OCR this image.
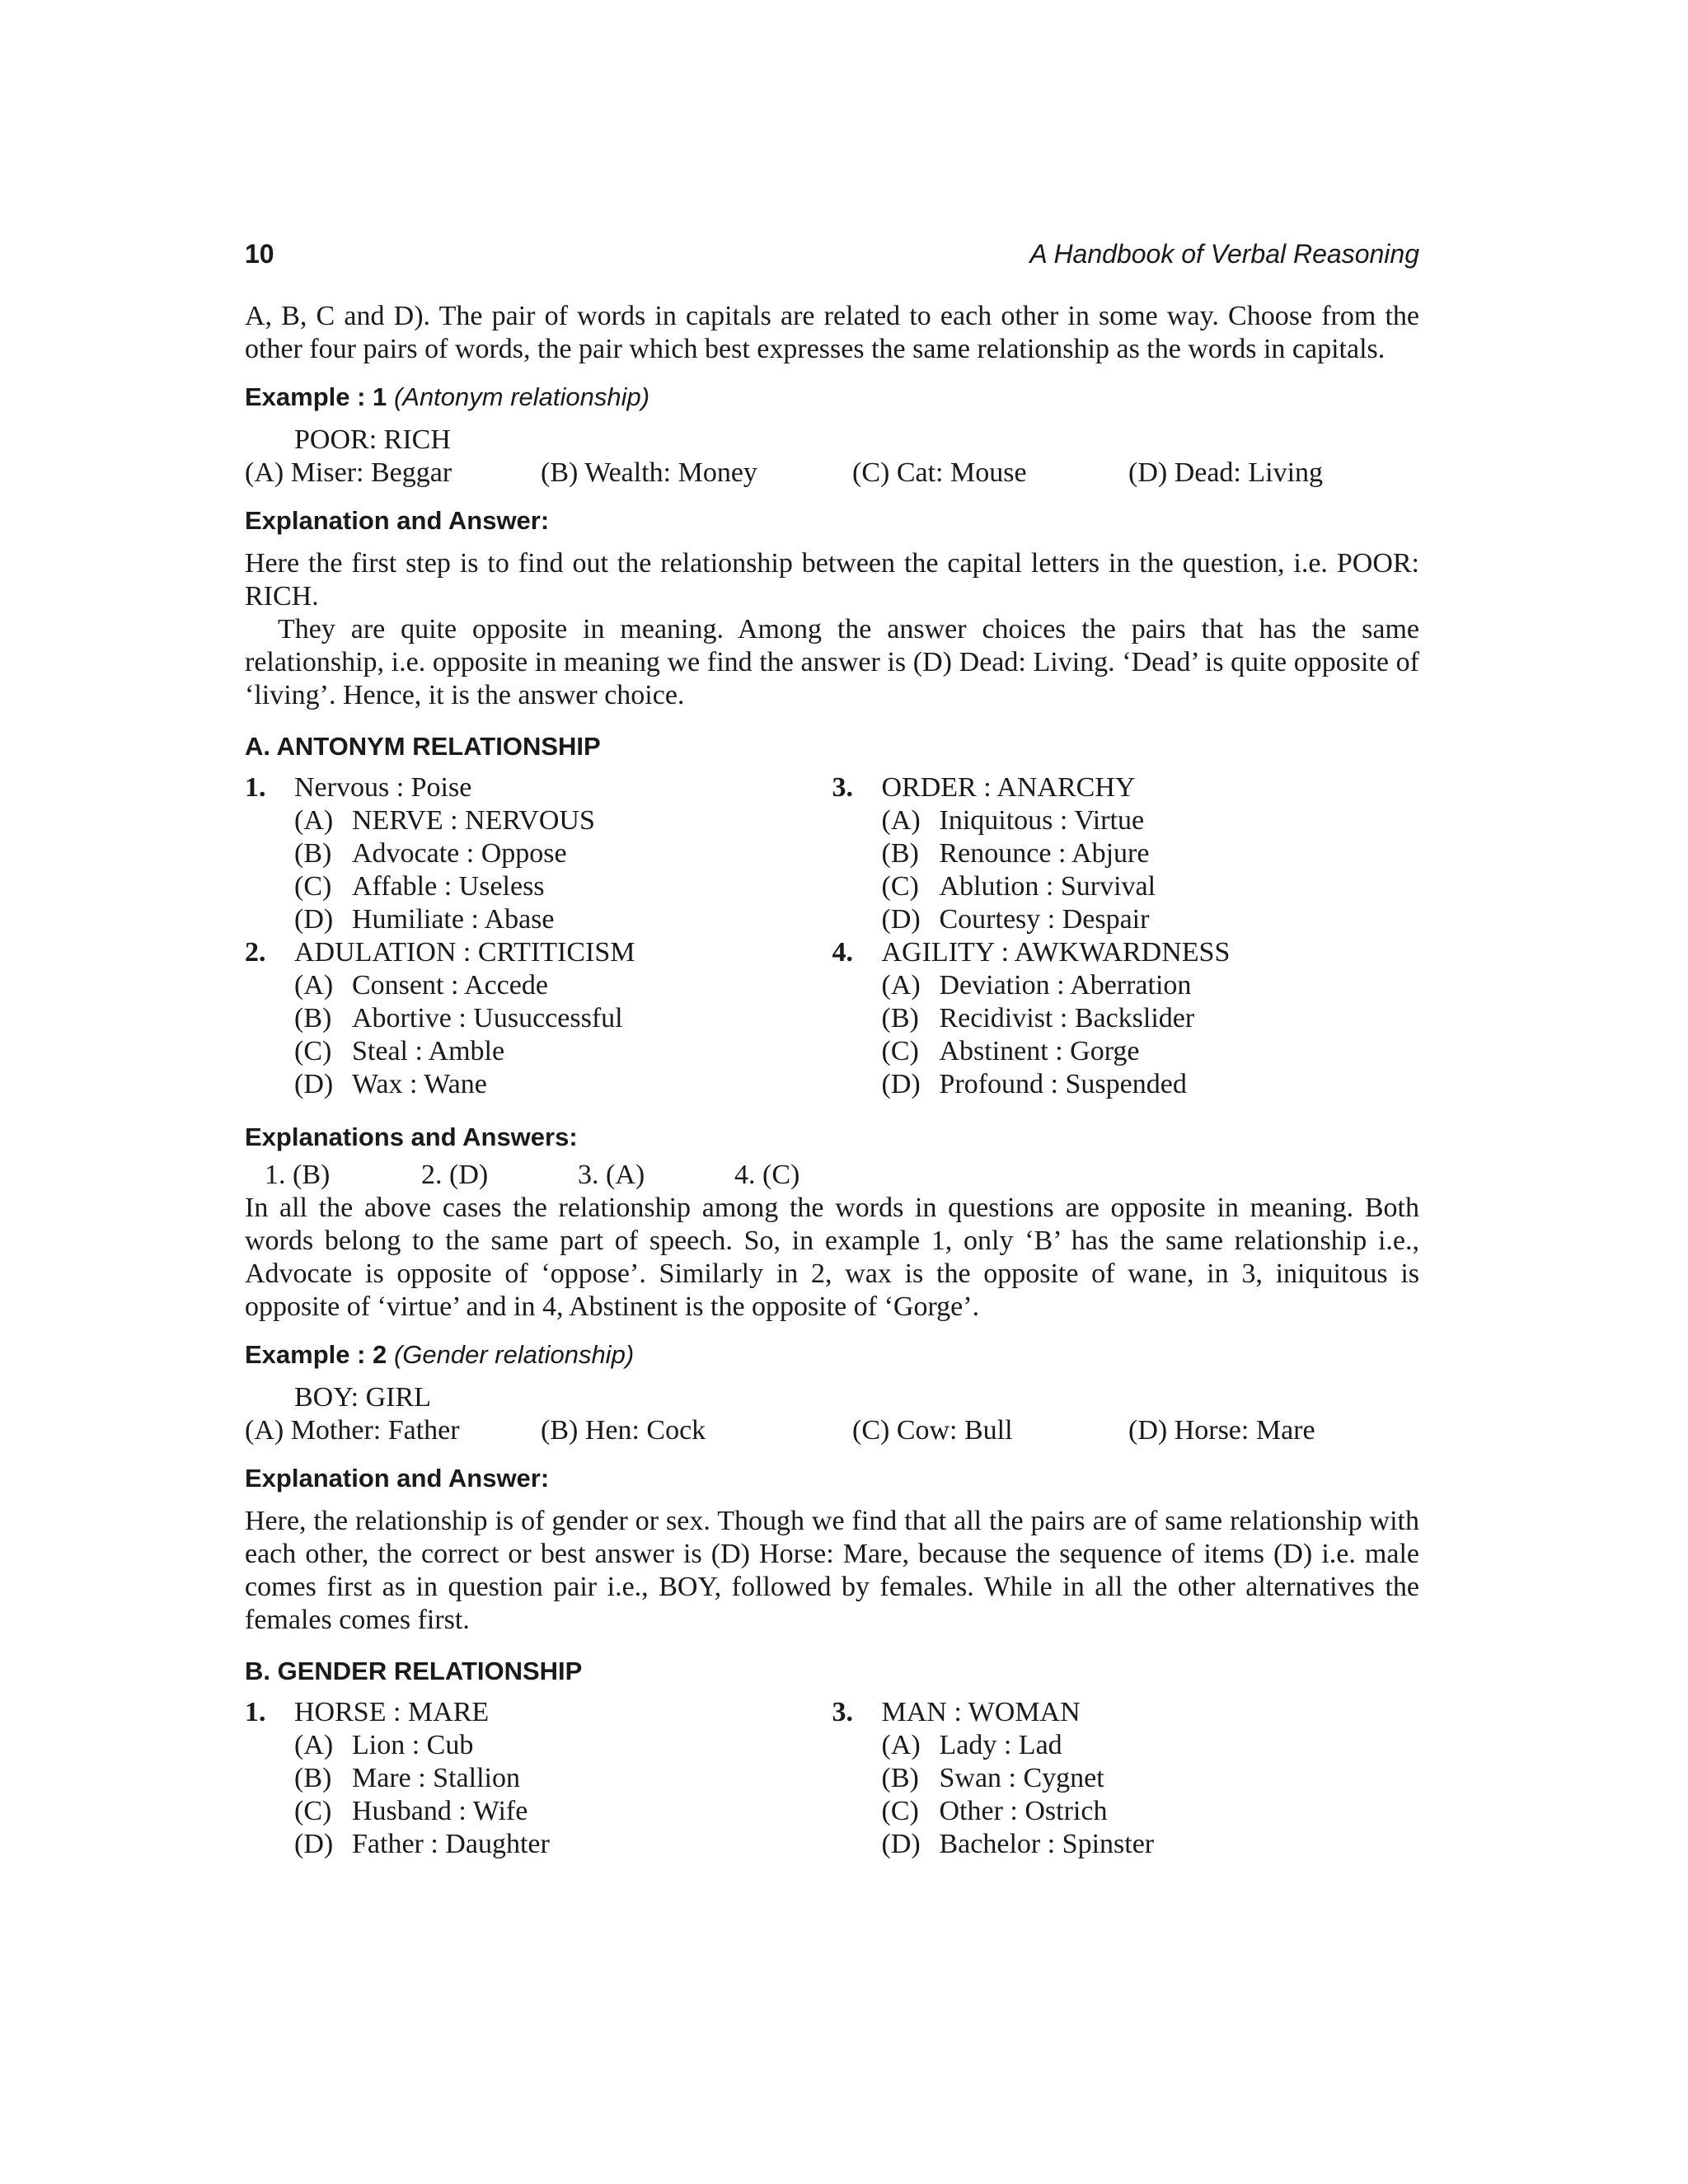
10	A Handbook of Verbal Reasoning

A, B, C and D). The pair of words in capitals are related to each other in some way. Choose from the other four pairs of words, the pair which best expresses the same relationship as the words in capitals.

Example : 1 (Antonym relationship)
POOR: RICH
(A) Miser: Beggar	(B) Wealth: Money	(C) Cat: Mouse	(D) Dead: Living
Explanation and Answer:

Here the first step is to find out the relationship between the capital letters in the question, i.e. POOR: RICH.

They are quite opposite in meaning. Among the answer choices the pairs that has the same relationship, i.e. opposite in meaning we find the answer is (D) Dead: Living. ‘Dead’ is quite opposite of ‘living’. Hence, it is the answer choice.

A. ANTONYM RELATIONSHIP
1.	Nervous : Poise
(A) NERVE : NERVOUS
(B) Advocate : Oppose
(C) Affable : Useless
(D) Humiliate : Abase
2.	ADULATION : CRTITICISM
(A) Consent : Accede
(B) Abortive : Uusuccessful
(C) Steal : Amble
(D) Wax : Wane
3.	ORDER : ANARCHY
(A) Iniquitous : Virtue
(B) Renounce : Abjure
(C) Ablution : Survival
(D) Courtesy : Despair
4.	AGILITY : AWKWARDNESS
(A) Deviation : Aberration
(B) Recidivist : Backslider
(C) Abstinent : Gorge
(D) Profound : Suspended
Explanations and Answers:
1. (B)	2. (D)	3. (A)	4. (C)

In all the above cases the relationship among the words in questions are opposite in meaning. Both words belong to the same part of speech. So, in example 1, only ‘B’ has the same relationship i.e., Advocate is opposite of ‘oppose’. Similarly in 2, wax is the opposite of wane, in 3, iniquitous is opposite of ‘virtue’ and in 4, Abstinent is the opposite of ‘Gorge’.

Example : 2 (Gender relationship)
BOY: GIRL
(A) Mother: Father	(B) Hen: Cock	(C) Cow: Bull	(D) Horse: Mare
Explanation and Answer:

Here, the relationship is of gender or sex. Though we find that all the pairs are of same relationship with each other, the correct or best answer is (D) Horse: Mare, because the sequence of items (D) i.e. male comes first as in question pair i.e., BOY, followed by females. While in all the other alternatives the females comes first.

B. GENDER RELATIONSHIP
1.	HORSE : MARE
(A) Lion : Cub
(B) Mare : Stallion
(C) Husband : Wife
(D) Father : Daughter
3.	MAN : WOMAN
(A) Lady : Lad
(B) Swan : Cygnet
(C) Other : Ostrich
(D) Bachelor : Spinster
